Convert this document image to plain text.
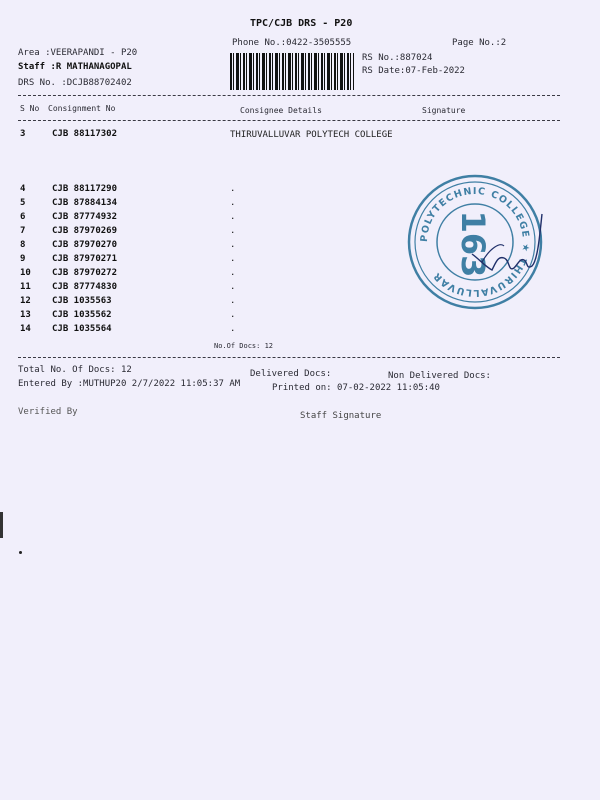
TPC/CJB DRS - P20
Phone No.:0422-3505555	Page No.:2
Area :VEERAPANDI - P20
Staff :R MATHANAGOPAL
DRS No. :DCJB88702402
RS No.:887024
RS Date:07-Feb-2022
S No Consignment No	Consignee Details	Signature
3	CJB 88117302	THIRUVALLUVAR POLYTECH COLLEGE
4	CJB 88117290	.
5	CJB 87884134	.
6	CJB 87774932	.
7	CJB 87970269	.
8	CJB 87970270	.
9	CJB 87970271	.
10 CJB 87970272	.
11 CJB 87774830	.
12 CJB 1035563	.
13 CJB 1035562	.
14 CJB 1035564	.
No.Of Docs: 12
Total No. Of Docs: 12	Delivered Docs:	Non Delivered Docs:
Entered By :MUTHUP20 2/7/2022 11:05:37 AM	Printed on: 07-02-2022 11:05:40
Verified By	Staff Signature
POLYTECHNIC COLLEGE ★ THIRUVALLUVAR 163
